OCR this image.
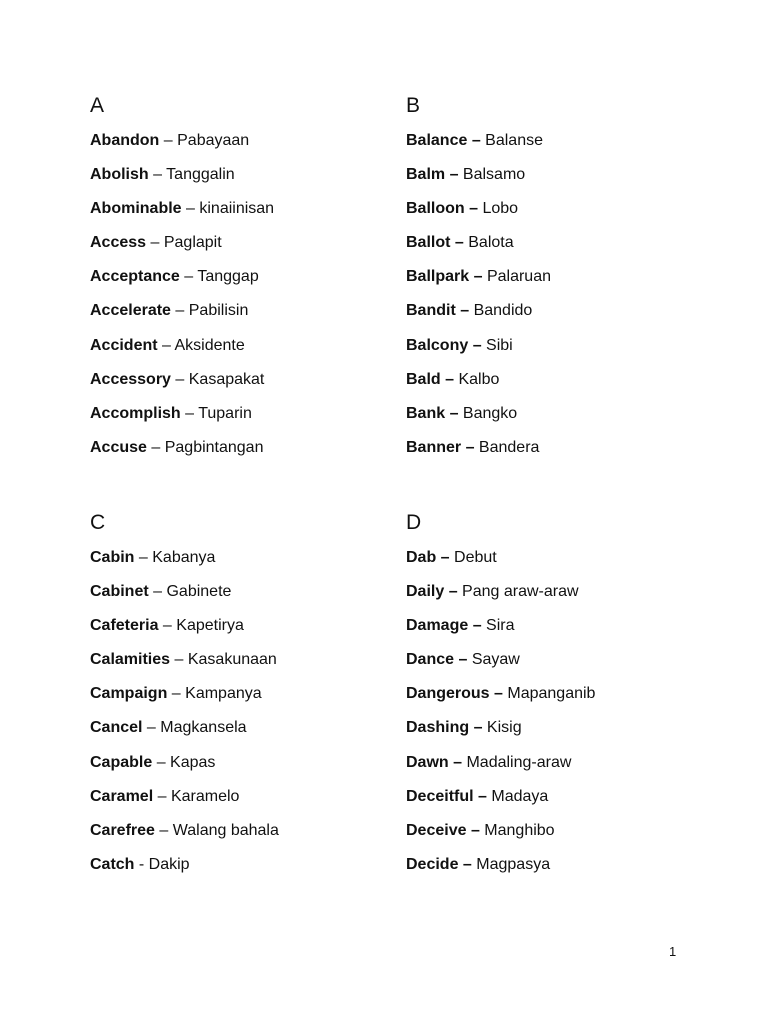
A
Abandon – Pabayaan
Abolish – Tanggalin
Abominable – kinaiinisan
Access – Paglapit
Acceptance – Tanggap
Accelerate – Pabilisin
Accident – Aksidente
Accessory – Kasapakat
Accomplish – Tuparin
Accuse – Pagbintangan
B
Balance – Balanse
Balm – Balsamo
Balloon – Lobo
Ballot – Balota
Ballpark – Palaruan
Bandit – Bandido
Balcony – Sibi
Bald – Kalbo
Bank – Bangko
Banner – Bandera
C
Cabin – Kabanya
Cabinet – Gabinete
Cafeteria – Kapetirya
Calamities – Kasakunaan
Campaign – Kampanya
Cancel – Magkansela
Capable – Kapas
Caramel – Karamelo
Carefree – Walang bahala
Catch - Dakip
D
Dab – Debut
Daily – Pang araw-araw
Damage – Sira
Dance – Sayaw
Dangerous – Mapanganib
Dashing – Kisig
Dawn – Madaling-araw
Deceitful – Madaya
Deceive – Manghibo
Decide – Magpasya
1
